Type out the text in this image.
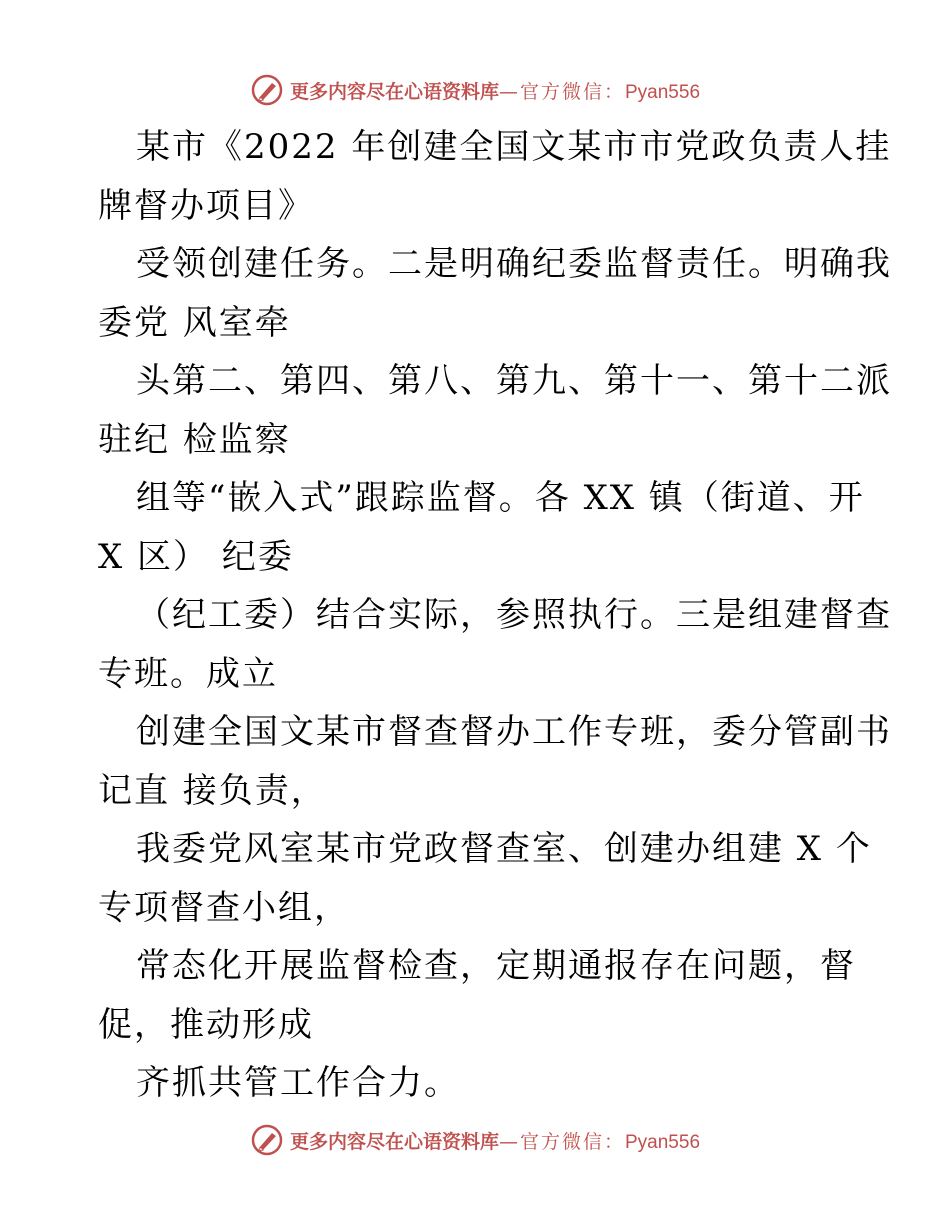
更多内容尽在心语资料库—官方微信：Pyan556
某市《2022 年创建全国文某市市党政负责人挂
牌督办项目》
受领创建任务。二是明确纪委监督责任。明确我
委党 风室牵
头第二、第四、第八、第九、第十一、第十二派
驻纪 检监察
组等“嵌入式”跟踪监督。各 XX 镇（街道、开
X 区） 纪委
（纪工委）结合实际，参照执行。三是组建督查
专班。成立
创建全国文某市督查督办工作专班，委分管副书
记直 接负责，
我委党风室某市党政督查室、创建办组建 X 个
专项督查小组，
常态化开展监督检查，定期通报存在问题，督
促，推动形成
齐抓共管工作合力。
更多内容尽在心语资料库—官方微信：Pyan556
